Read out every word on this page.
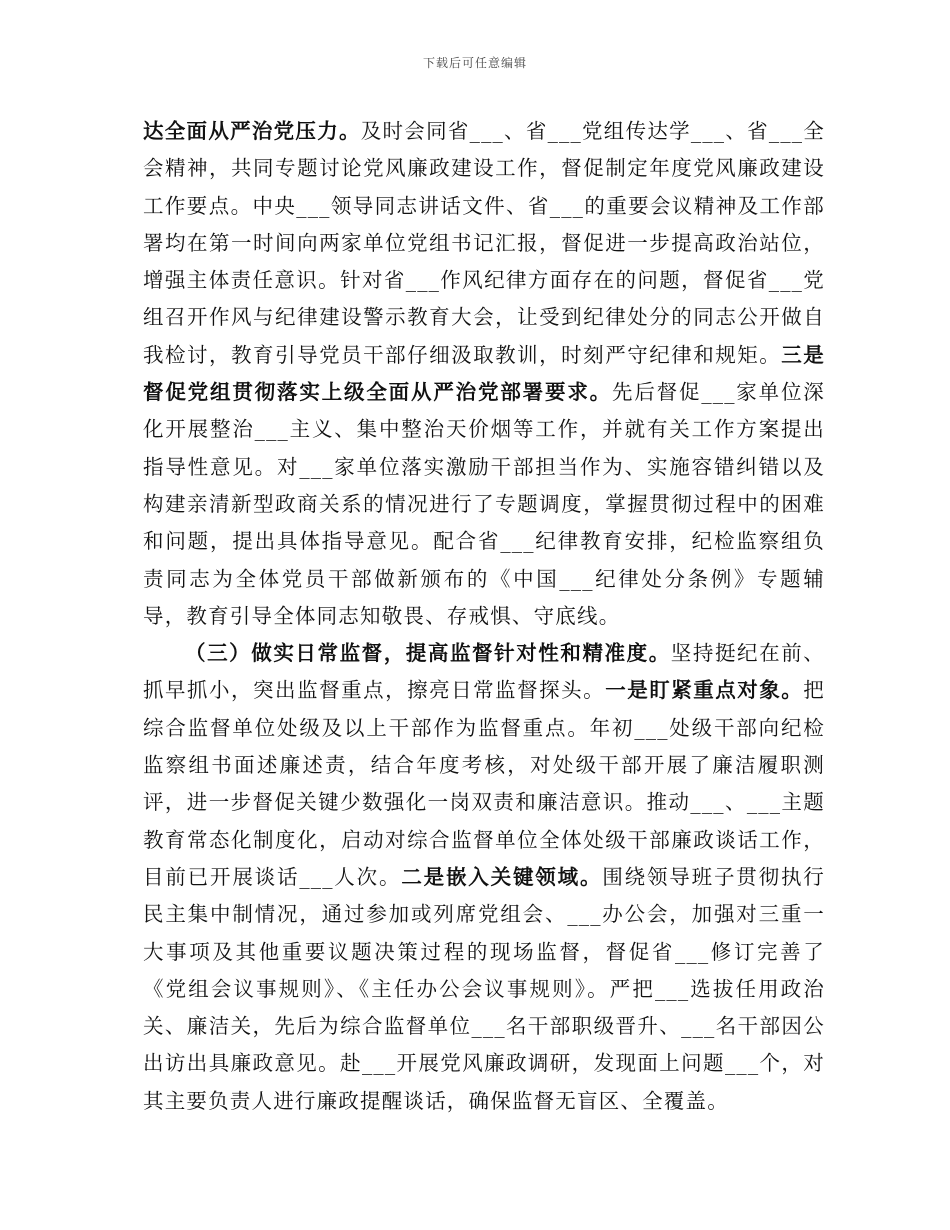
下载后可任意编辑

达全面从严治党压力。及时会同省___、省___党组传达学___、省___全会精神，共同专题讨论党风廉政建设工作，督促制定年度党风廉政建设工作要点。中央___领导同志讲话文件、省___的重要会议精神及工作部署均在第一时间向两家单位党组书记汇报，督促进一步提高政治站位，增强主体责任意识。针对省___作风纪律方面存在的问题，督促省___党组召开作风与纪律建设警示教育大会，让受到纪律处分的同志公开做自我检讨，教育引导党员干部仔细汲取教训，时刻严守纪律和规矩。三是督促党组贯彻落实上级全面从严治党部署要求。先后督促___家单位深化开展整治___主义、集中整治天价烟等工作，并就有关工作方案提出指导性意见。对___家单位落实激励干部担当作为、实施容错纠错以及构建亲清新型政商关系的情况进行了专题调度，掌握贯彻过程中的困难和问题，提出具体指导意见。配合省___纪律教育安排，纪检监察组负责同志为全体党员干部做新颁布的《中国___纪律处分条例》专题辅导，教育引导全体同志知敬畏、存戒惧、守底线。

（三）做实日常监督，提高监督针对性和精准度。坚持挺纪在前、抓早抓小，突出监督重点，擦亮日常监督探头。一是盯紧重点对象。把综合监督单位处级及以上干部作为监督重点。年初___处级干部向纪检监察组书面述廉述责，结合年度考核，对处级干部开展了廉洁履职测评，进一步督促关键少数强化一岗双责和廉洁意识。推动___、___主题教育常态化制度化，启动对综合监督单位全体处级干部廉政谈话工作，目前已开展谈话___人次。二是嵌入关键领域。围绕领导班子贯彻执行民主集中制情况，通过参加或列席党组会、___办公会，加强对三重一大事项及其他重要议题决策过程的现场监督，督促省___修订完善了《党组会议事规则》、《主任办公会议事规则》。严把___选拔任用政治关、廉洁关，先后为综合监督单位___名干部职级晋升、___名干部因公出访出具廉政意见。赴___开展党风廉政调研，发现面上问题___个，对其主要负责人进行廉政提醒谈话，确保监督无盲区、全覆盖。
